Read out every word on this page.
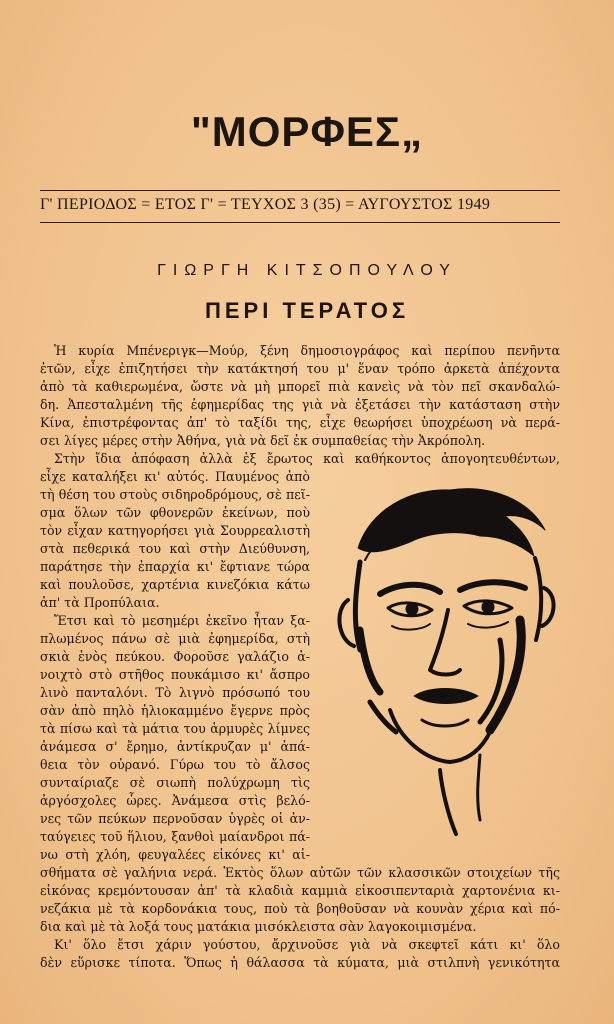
"ΜΟΡΦΕΣ„
Γ' ΠΕΡΙΟΔΟΣ = ΕΤΟΣ Γ' = ΤΕΥΧΟΣ 3 (35) = ΑΥΓΟΥΣΤΟΣ 1949
ΓΙΩΡΓΗ ΚΙΤΣΟΠΟΥΛΟΥ
ΠΕΡΙ ΤΕΡΑΤΟΣ
Ἡ κυρία Μπένεριγκ—Μούρ, ξένη δημοσιογράφος καὶ περίπου πενῆντα
ἐτῶν, εἶχε ἐπιζητήσει τὴν κατάκτησή του μ' ἕναν τρόπο ἀρκετὰ ἀπέχοντα
ἀπὸ τὰ καθιερωμένα, ὥστε νὰ μὴ μπορεῖ πιὰ κανεὶς νὰ τὸν πεῖ σκανδαλώ-
δη. Ἀπεσταλμένη τῆς ἐφημερίδας της γιὰ νὰ ἐξετάσει τὴν κατάσταση στὴν
Κίνα, ἐπιστρέφοντας ἀπ' τὸ ταξίδι της, εἶχε θεωρήσει ὑποχρέωση νὰ περά-
σει λίγες μέρες στὴν Ἀθήνα, γιὰ νὰ δεῖ ἐκ συμπαθείας τὴν Ἀκρόπολη.
Στὴν ἴδια ἀπόφαση ἀλλὰ ἐξ ἔρωτος καὶ καθήκοντος ἀπογοητευθέντων,
εἶχε καταλήξει κι' αὐτός. Παυμένος ἀπὸ
τὴ θέση του στοὺς σιδηροδρόμους, σὲ πεῖ-
σμα ὅλων τῶν φθονερῶν ἐκείνων, ποὺ
τὸν εἶχαν κατηγορήσει γιὰ Σουρρεαλιστὴ
στὰ πεθερικά του καὶ στὴν Διεύθυνση,
παράτησε τὴν ἐπαρχία κι' ἔφτιανε τώρα
καὶ πουλοῦσε, χαρτένια κινεζόκια κάτω
ἀπ' τὰ Προπύλαια.
Ἔτσι καὶ τὸ μεσημέρι ἐκεῖνο ἦταν ξα-
πλωμένος πάνω σὲ μιὰ ἐφημερίδα, στὴ
σκιὰ ἑνὸς πεύκου. Φοροῦσε γαλάζιο ἀ-
νοιχτὸ στὸ στῆθος πουκάμισο κι' ἄσπρο
λινὸ πανταλόνι. Τὸ λιγνὸ πρόσωπό του
σὰν ἀπὸ πηλὸ ἡλιοκαμμένο ἔγερνε πρὸς
τὰ πίσω καὶ τὰ μάτια του ἁρμυρὲς λίμνες
ἀνάμεσα σ' ἔρημο, ἀντίκρυζαν μ' ἀπά-
θεια τὸν οὐρανό. Γύρω του τὸ ἄλσος
συνταίριαζε σὲ σιωπὴ πολύχρωμη τὶς
ἀργόσχολες ὧρες. Ἀνάμεσα στὶς βελό-
νες τῶν πεύκων περνοῦσαν ὑγρὲς οἱ ἀν-
ταύγειες τοῦ ἥλιου, ξανθοὶ μαίανδροι πά-
νω στὴ χλόη, φευγαλέες εἰκόνες κι' αἰ-
σθήματα σὲ γαλήνια νερά. Ἐκτὸς ὅλων αὐτῶν τῶν κλασσικῶν στοιχείων τῆς
εἰκόνας κρεμόντουσαν ἀπ' τὰ κλαδιὰ καμμιὰ εἰκοσιπενταριὰ χαρτονένια κι-
νεζάκια μὲ τὰ κορδονάκια τους, ποὺ τὰ βοηθοῦσαν νὰ κουνὰν χέρια καὶ πό-
δια καὶ μὲ τὰ λοξά τους ματάκια μισόκλειστα σὰν λαγοκοιμισμένα.
Κι' ὅλο ἔτσι χάριν γούστου, ἄρχινοῦσε γιὰ νὰ σκεφτεῖ κάτι κι' ὅλο
δὲν εὕρισκε τίποτα. Ὅπως ἡ θάλασσα τὰ κύματα, μιὰ στιλπνὴ γενικότητα
